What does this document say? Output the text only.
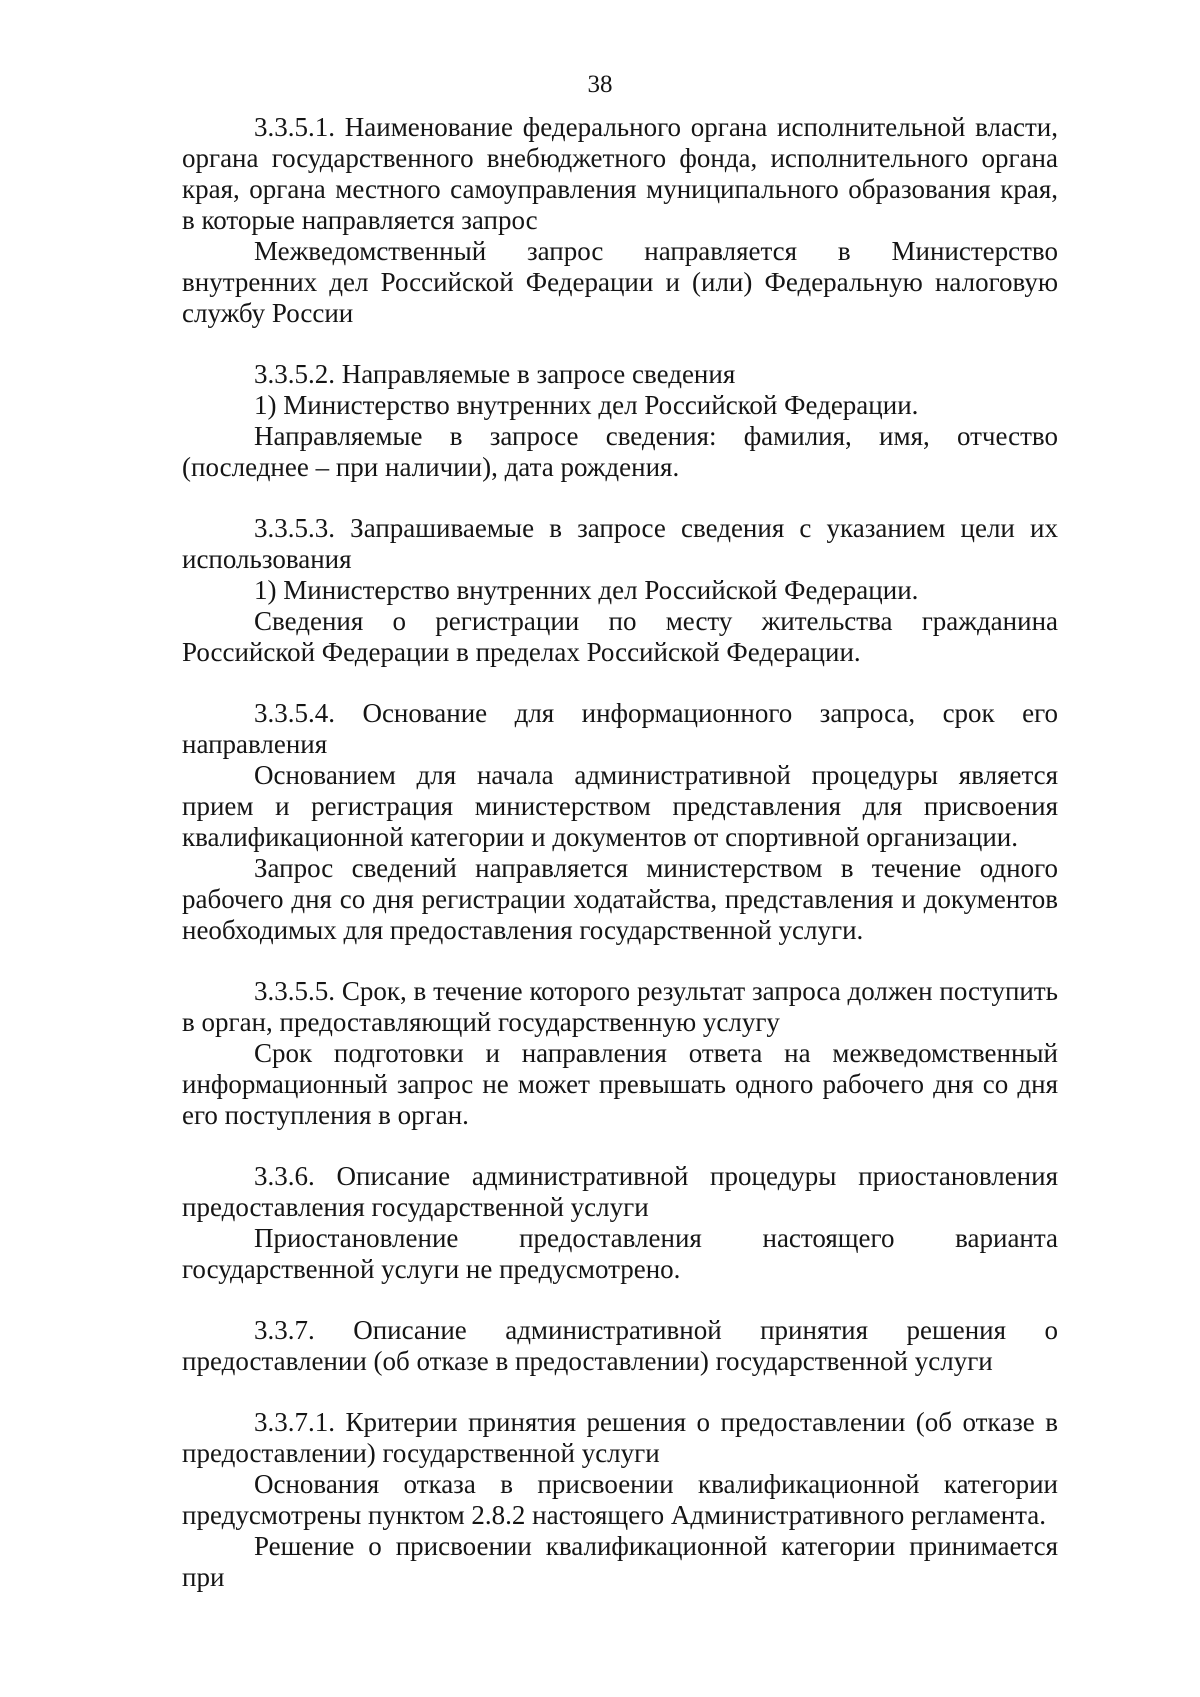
38

3.3.5.1. Наименование федерального органа исполнительной власти, органа государственного внебюджетного фонда, исполнительного органа края, органа местного самоуправления муниципального образования края, в которые направляется запрос

Межведомственный запрос направляется в Министерство внутренних дел Российской Федерации и (или) Федеральную налоговую службу России

3.3.5.2. Направляемые в запросе сведения

1) Министерство внутренних дел Российской Федерации.

Направляемые в запросе сведения: фамилия, имя, отчество (последнее – при наличии), дата рождения.

3.3.5.3. Запрашиваемые в запросе сведения с указанием цели их использования

1) Министерство внутренних дел Российской Федерации.

Сведения о регистрации по месту жительства гражданина Российской Федерации в пределах Российской Федерации.

3.3.5.4. Основание для информационного запроса, срок его направления

Основанием для начала административной процедуры является прием и регистрация министерством представления для присвоения квалификационной категории и документов от спортивной организации.

Запрос сведений направляется министерством в течение одного рабочего дня со дня регистрации ходатайства, представления и документов необходимых для предоставления государственной услуги.

3.3.5.5. Срок, в течение которого результат запроса должен поступить в орган, предоставляющий государственную услугу

Срок подготовки и направления ответа на межведомственный информационный запрос не может превышать одного рабочего дня со дня его поступления в орган.

3.3.6. Описание административной процедуры приостановления предоставления государственной услуги

Приостановление предоставления настоящего варианта государственной услуги не предусмотрено.

3.3.7. Описание административной принятия решения о предоставлении (об отказе в предоставлении) государственной услуги

3.3.7.1. Критерии принятия решения о предоставлении (об отказе в предоставлении) государственной услуги

Основания отказа в присвоении квалификационной категории предусмотрены пунктом 2.8.2 настоящего Административного регламента.

Решение о присвоении квалификационной категории принимается при
